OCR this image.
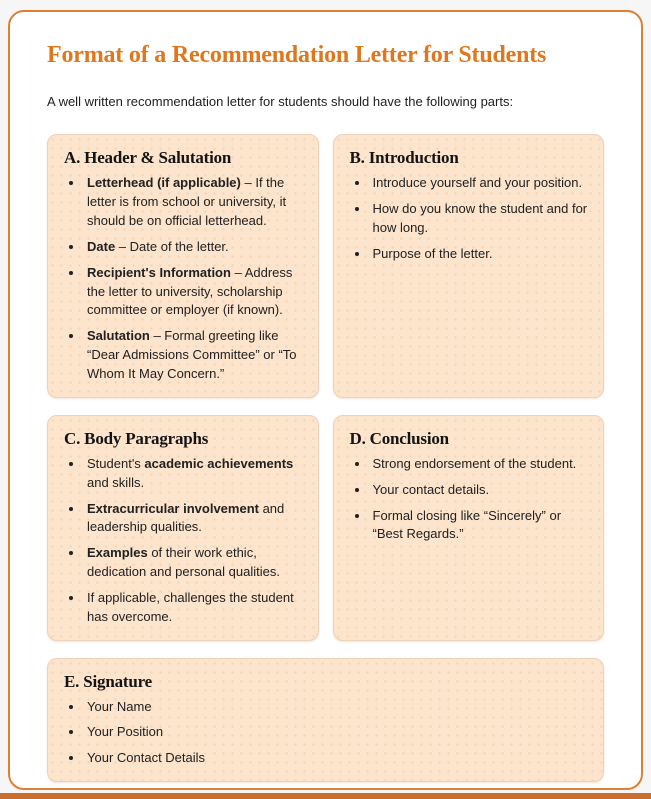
Format of a Recommendation Letter for Students

A well written recommendation letter for students should have the following parts:

A. Header & Salutation
• Letterhead (if applicable) – If the letter is from school or university, it should be on official letterhead.
• Date – Date of the letter.
• Recipient's Information – Address the letter to university, scholarship committee or employer (if known).
• Salutation – Formal greeting like “Dear Admissions Committee” or “To Whom It May Concern.”
B. Introduction
• Introduce yourself and your position.
• How do you know the student and for how long.
• Purpose of the letter.
C. Body Paragraphs
• Student's academic achievements and skills.
• Extracurricular involvement and leadership qualities.
• Examples of their work ethic, dedication and personal qualities.
• If applicable, challenges the student has overcome.
D. Conclusion
• Strong endorsement of the student.
• Your contact details.
• Formal closing like “Sincerely” or “Best Regards.”
E. Signature
• Your Name
• Your Position
• Your Contact Details
